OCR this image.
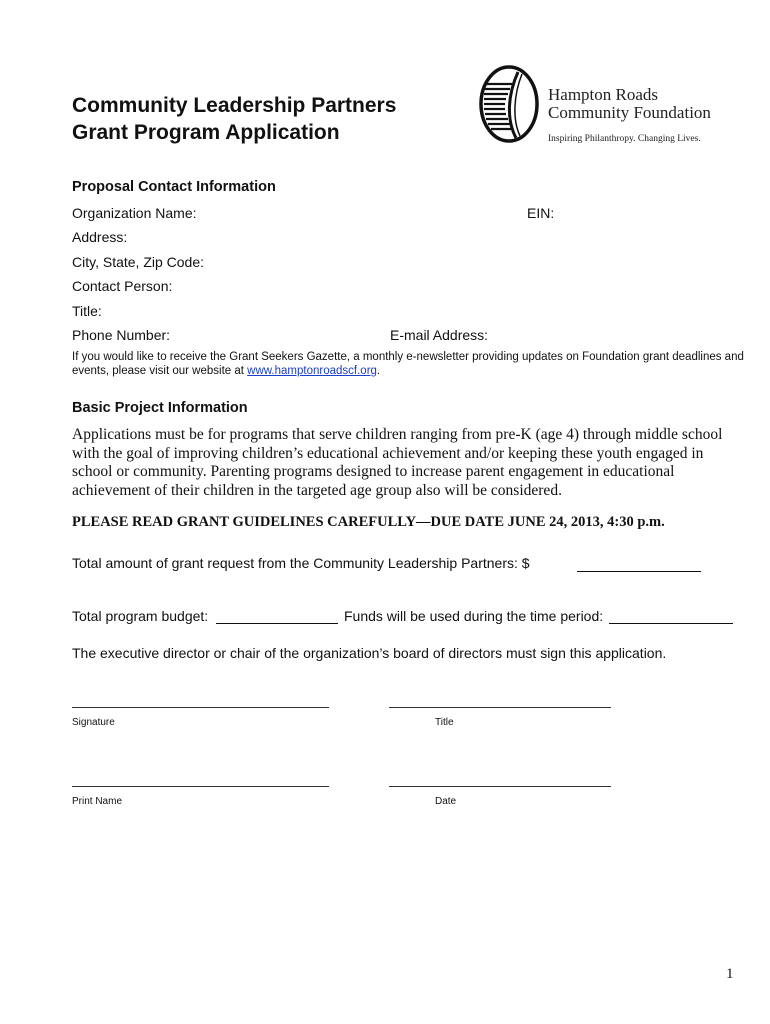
Community Leadership Partners
Grant Program Application
Hampton Roads
Community Foundation
Inspiring Philanthropy. Changing Lives.
Proposal Contact Information
Organization Name:	EIN:
Address:
City, State, Zip Code:
Contact Person:
Title:
Phone Number:	E-mail Address:
If you would like to receive the Grant Seekers Gazette, a monthly e-newsletter providing updates on Foundation grant deadlines and events, please visit our website at www.hamptonroadscf.org.
Basic Project Information
Applications must be for programs that serve children ranging from pre-K (age 4) through middle school with the goal of improving children’s educational achievement and/or keeping these youth engaged in school or community. Parenting programs designed to increase parent engagement in educational achievement of their children in the targeted age group also will be considered.
PLEASE READ GRANT GUIDELINES CAREFULLY—DUE DATE JUNE 24, 2013, 4:30 p.m.
Total amount of grant request from the Community Leadership Partners: $
Total program budget:	Funds will be used during the time period:
The executive director or chair of the organization’s board of directors must sign this application.
Signature	Title
Print Name	Date
1
